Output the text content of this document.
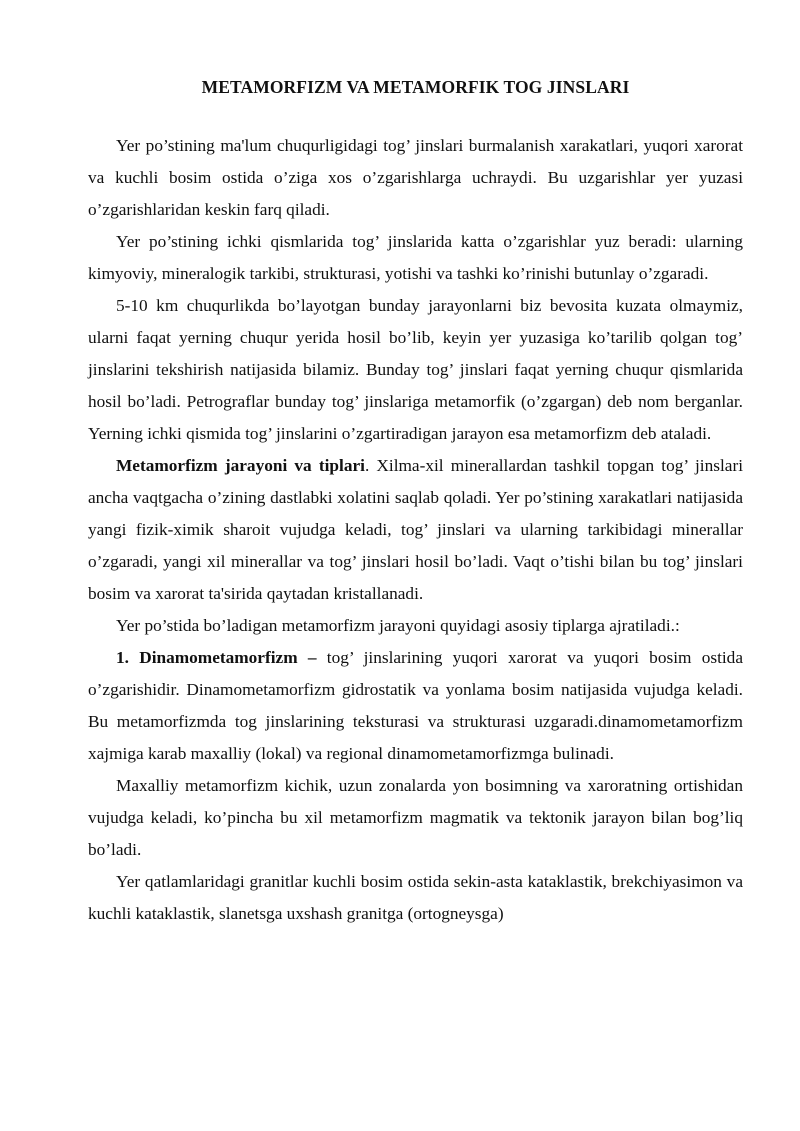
METAMORFIZM VA METAMORFIK TOG JINSLARI

Yer po’stining ma'lum chuqurligidagi tog’ jinslari burmalanish xarakatlari, yuqori xarorat va kuchli bosim ostida o’ziga xos o’zgarishlarga uchraydi. Bu uzgarishlar yer yuzasi o’zgarishlaridan keskin farq qiladi.

Yer po’stining ichki qismlarida tog’ jinslarida katta o’zgarishlar yuz beradi: ularning kimyoviy, mineralogik tarkibi, strukturasi, yotishi va tashki ko’rinishi butunlay o’zgaradi.

5-10 km chuqurlikda bo’layotgan bunday jarayonlarni biz bevosita kuzata olmaymiz, ularni faqat yerning chuqur yerida hosil bo’lib, keyin yer yuzasiga ko’tarilib qolgan tog’ jinslarini tekshirish natijasida bilamiz. Bunday tog’ jinslari faqat yerning chuqur qismlarida hosil bo’ladi. Petrograflar bunday tog’ jinslariga metamorfik (o’zgargan) deb nom berganlar. Yerning ichki qismida tog’ jinslarini o’zgartiradigan jarayon esa metamorfizm deb ataladi.

Metamorfizm jarayoni va tiplari. Xilma-xil minerallardan tashkil topgan tog’ jinslari ancha vaqtgacha o’zining dastlabki xolatini saqlab qoladi. Yer po’stining xarakatlari natijasida yangi fizik-ximik sharoit vujudga keladi, tog’ jinslari va ularning tarkibidagi minerallar o’zgaradi, yangi xil minerallar va tog’ jinslari hosil bo’ladi. Vaqt o’tishi bilan bu tog’ jinslari bosim va xarorat ta'sirida qaytadan kristallanadi.

Yer po’stida bo’ladigan metamorfizm jarayoni quyidagi asosiy tiplarga ajratiladi.:

1. Dinamometamorfizm – tog’ jinslarining yuqori xarorat va yuqori bosim ostida o’zgarishidir. Dinamometamorfizm gidrostatik va yonlama bosim natijasida vujudga keladi. Bu metamorfizmda tog jinslarining teksturasi va strukturasi uzgaradi.dinamometamorfizm xajmiga karab maxalliy (lokal) va regional dinamometamorfizmga bulinadi.

Maxalliy metamorfizm kichik, uzun zonalarda yon bosimning va xaroratning ortishidan vujudga keladi, ko’pincha bu xil metamorfizm magmatik va tektonik jarayon bilan bog’liq bo’ladi.

Yer qatlamlaridagi granitlar kuchli bosim ostida sekin-asta kataklastik, brekchiyasimon va kuchli kataklastik, slanetsga uxshash granitga (ortogneysga)
